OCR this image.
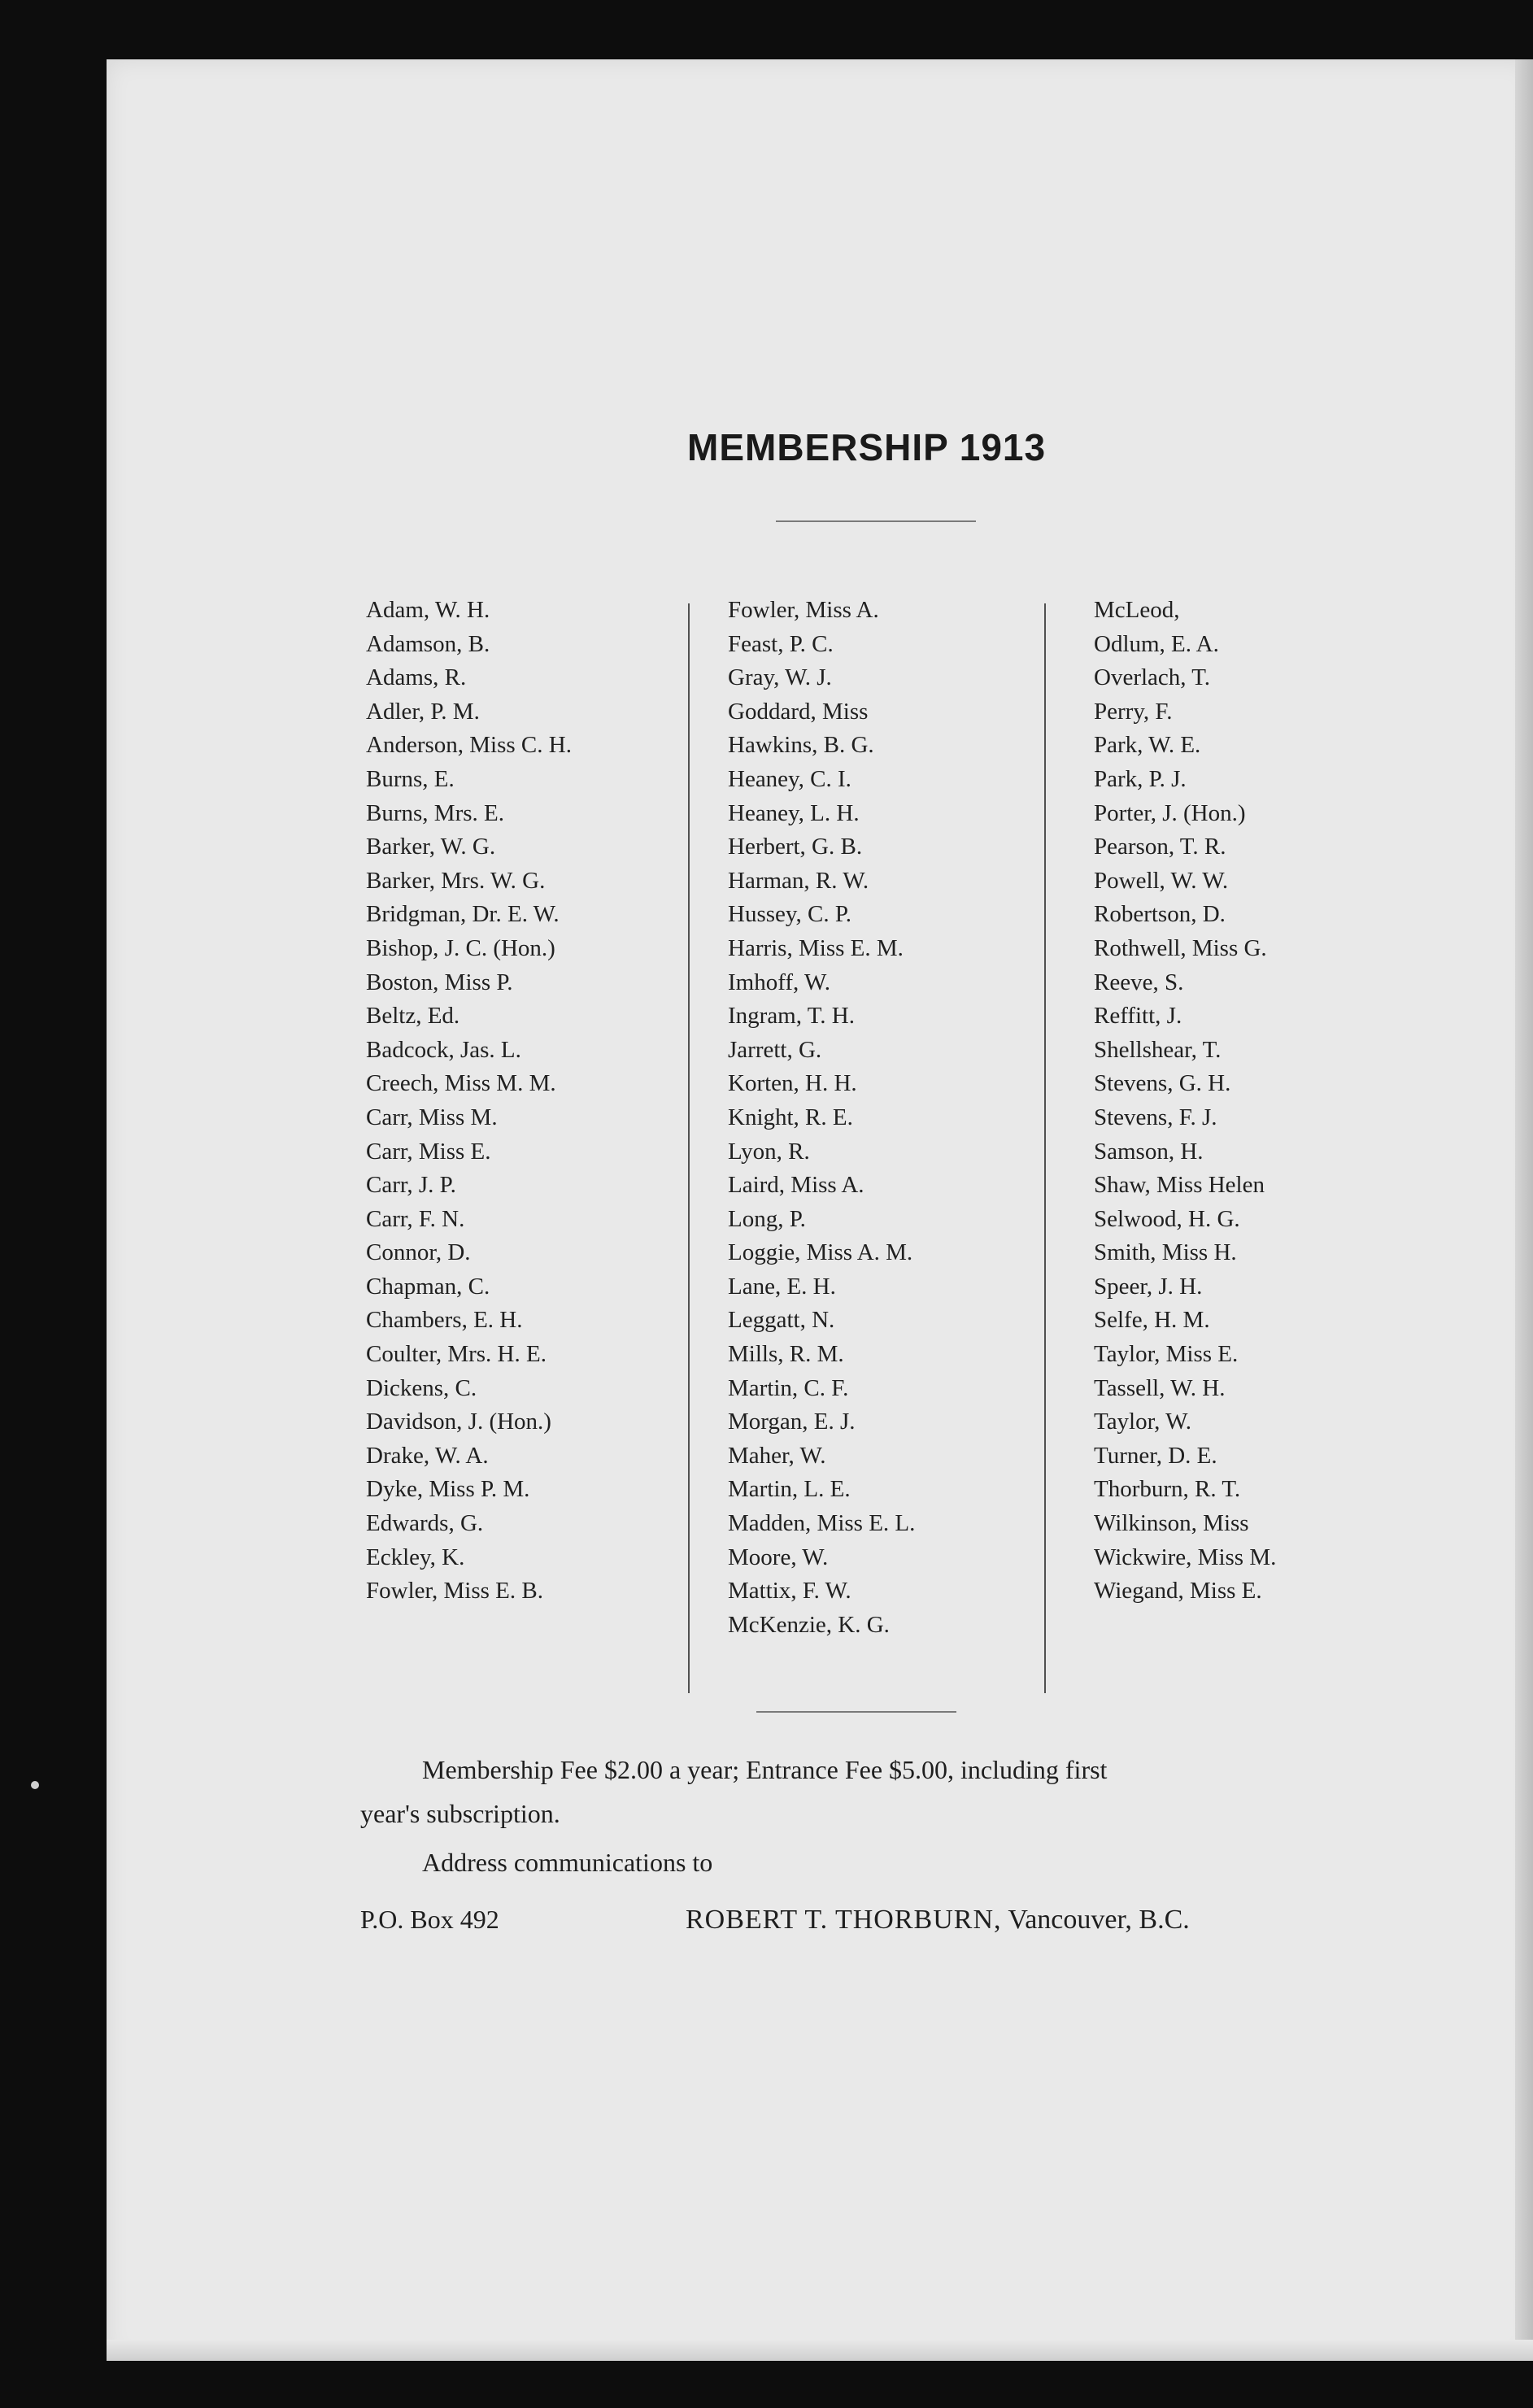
MEMBERSHIP 1913
Adam, W. H.
Adamson, B.
Adams, R.
Adler, P. M.
Anderson, Miss C. H.
Burns, E.
Burns, Mrs. E.
Barker, W. G.
Barker, Mrs. W. G.
Bridgman, Dr. E. W.
Bishop, J. C. (Hon.)
Boston, Miss P.
Beltz, Ed.
Badcock, Jas. L.
Creech, Miss M. M.
Carr, Miss M.
Carr, Miss E.
Carr, J. P.
Carr, F. N.
Connor, D.
Chapman, C.
Chambers, E. H.
Coulter, Mrs. H. E.
Dickens, C.
Davidson, J. (Hon.)
Drake, W. A.
Dyke, Miss P. M.
Edwards, G.
Eckley, K.
Fowler, Miss E. B.
Fowler, Miss A.
Feast, P. C.
Gray, W. J.
Goddard, Miss
Hawkins, B. G.
Heaney, C. I.
Heaney, L. H.
Herbert, G. B.
Harman, R. W.
Hussey, C. P.
Harris, Miss E. M.
Imhoff, W.
Ingram, T. H.
Jarrett, G.
Korten, H. H.
Knight, R. E.
Lyon, R.
Laird, Miss A.
Long, P.
Loggie, Miss A. M.
Lane, E. H.
Leggatt, N.
Mills, R. M.
Martin, C. F.
Morgan, E. J.
Maher, W.
Martin, L. E.
Madden, Miss E. L.
Moore, W.
Mattix, F. W.
McKenzie, K. G.
McLeod,
Odlum, E. A.
Overlach, T.
Perry, F.
Park, W. E.
Park, P. J.
Porter, J. (Hon.)
Pearson, T. R.
Powell, W. W.
Robertson, D.
Rothwell, Miss G.
Reeve, S.
Reffitt, J.
Shellshear, T.
Stevens, G. H.
Stevens, F. J.
Samson, H.
Shaw, Miss Helen
Selwood, H. G.
Smith, Miss H.
Speer, J. H.
Selfe, H. M.
Taylor, Miss E.
Tassell, W. H.
Taylor, W.
Turner, D. E.
Thorburn, R. T.
Wilkinson, Miss
Wickwire, Miss M.
Wiegand, Miss E.
Membership Fee $2.00 a year; Entrance Fee $5.00, including first
year's subscription.
Address communications to
P.O. Box 492	ROBERT T. THORBURN, Vancouver, B.C.
